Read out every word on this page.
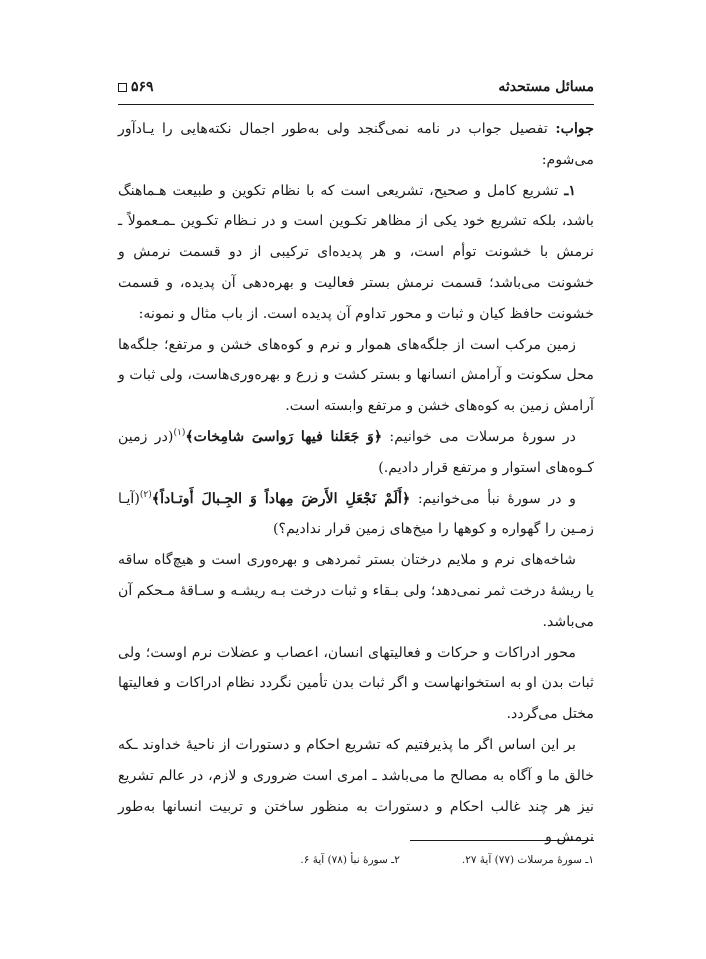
مسائل مستحدثه
۵۶۹

جواب: تفصيل جواب در نامه نمى‌گنجد ولى به‌طور اجمال نكته‌هايى را يـادآور مى‌شوم:

١ـ تشريع كامل و صحيح، تشريعى است كه با نظام تكوين و طبيعت هـماهنگ باشد، بلكه تشريع خود يكى از مظاهر تكـوين است و در نـظام تكـوين ـمـعمولاً ـ نرمش با خشونت توأم است، و هر پديده‌اى تركيبى از دو قسمت نرمش و خشونت مى‌باشد؛ قسمت نرمش بستر فعاليت و بهره‌دهى آن پديده، و قسمت خشونت حافظ كيان و ثبات و محور تداوم آن پديده است. از باب مثال و نمونه:

زمين مركب است از جلگه‌هاى هموار و نرم و كوه‌هاى خشن و مرتفع؛ جلگه‌ها محل سكونت و آرامش انسانها و بستر كشت و زرع و بهره‌ورى‌هاست، ولى ثبات و آرامش زمين به كوه‌هاى خشن و مرتفع وابسته است.

در سورهٔ مرسلات مى خوانيم: ﴿وَ جَعَلنا فيها رَواسىَ شامِخات﴾$^{(١)}$(در زمين كـوه‌هاى استوار و مرتفع قرار داديم.)

و در سورهٔ نبأ مى‌خوانيم: ﴿أَلَمْ نَجْعَلِ الأَرضَ مِهاداً وَ الجِـبالَ أَوتـاداً﴾$^{(٢)}$(آيـا زمـين را گهواره و كوهها را ميخ‌هاى زمين قرار نداديم؟)

شاخه‌هاى نرم و ملايم درختان بستر ثمردهى و بهره‌ورى است و هيچ‌گاه ساقه يا ريشهٔ درخت ثمر نمى‌دهد؛ ولى بـقاء و ثبات درخت بـه ريشـه و سـاقهٔ مـحكم آن مى‌باشد.

محور ادراكات و حركات و فعاليتهاى انسان، اعصاب و عضلات نرم اوست؛ ولى ثبات بدن او به استخوانهاست و اگر ثبات بدن تأمين نگردد نظام ادراكات و فعاليتها مختل مى‌گردد.

بر اين اساس اگر ما پذيرفتيم كه تشريع احكام و دستورات از ناحيهٔ خداوند ـكه خالق ما و آگاه به مصالح ما مى‌باشد ـ امرى است ضرورى و لازم، در عالم تشريع نيز هر چند غالب احكام و دستورات به منظور ساختن و تربيت انسانها به‌طور نرمش و

١ـ سورهٔ مرسلات (٧٧) آيهٔ ٢٧.
٢ـ سورهٔ نبأ (٧٨) آيهٔ ۶.
